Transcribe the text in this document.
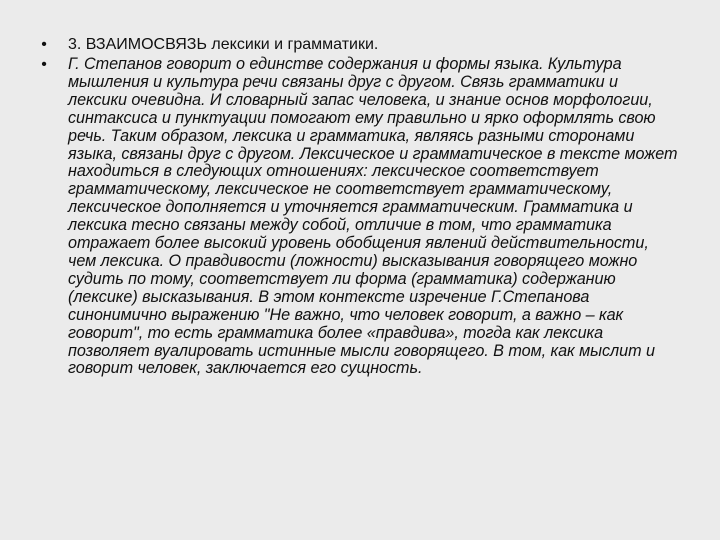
•	3. ВЗАИМОСВЯЗЬ лексики и грамматики.
•	Г. Степанов говорит о единстве содержания и формы языка. Культура мышления и культура речи связаны друг с другом. Связь грамматики и лексики очевидна. И словарный запас человека, и знание основ морфологии, синтаксиса и пунктуации помогают ему правильно и ярко оформлять свою речь. Таким образом, лексика и грамматика, являясь разными сторонами языка, связаны друг с другом. Лексическое и грамматическое в тексте может находиться в следующих отношениях: лексическое соответствует грамматическому, лексическое не соответствует грамматическому, лексическое дополняется и уточняется грамматическим. Грамматика и лексика тесно связаны между собой, отличие в том, что грамматика отражает более высокий уровень обобщения явлений действительности, чем лексика. О правдивости (ложности) высказывания говорящего можно судить по тому, соответствует ли форма (грамматика) содержанию (лексике) высказывания. В этом контексте изречение Г.Степанова синонимично выражению "Не важно, что человек говорит, а важно – как говорит", то есть грамматика более «правдива», тогда как лексика позволяет вуалировать истинные мысли говорящего. В том, как мыслит и говорит человек, заключается его сущность.
